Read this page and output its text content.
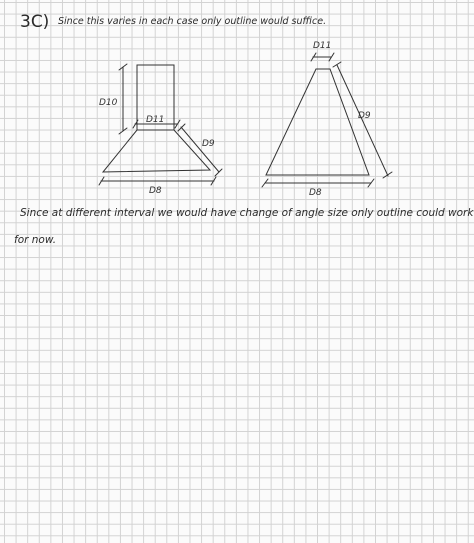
3C) Since this varies in each case only outline would suffice.
D10
D11
D9
D8
D11
D9
D8
Since at different interval we would have change of angle size only outline could work
for now.
